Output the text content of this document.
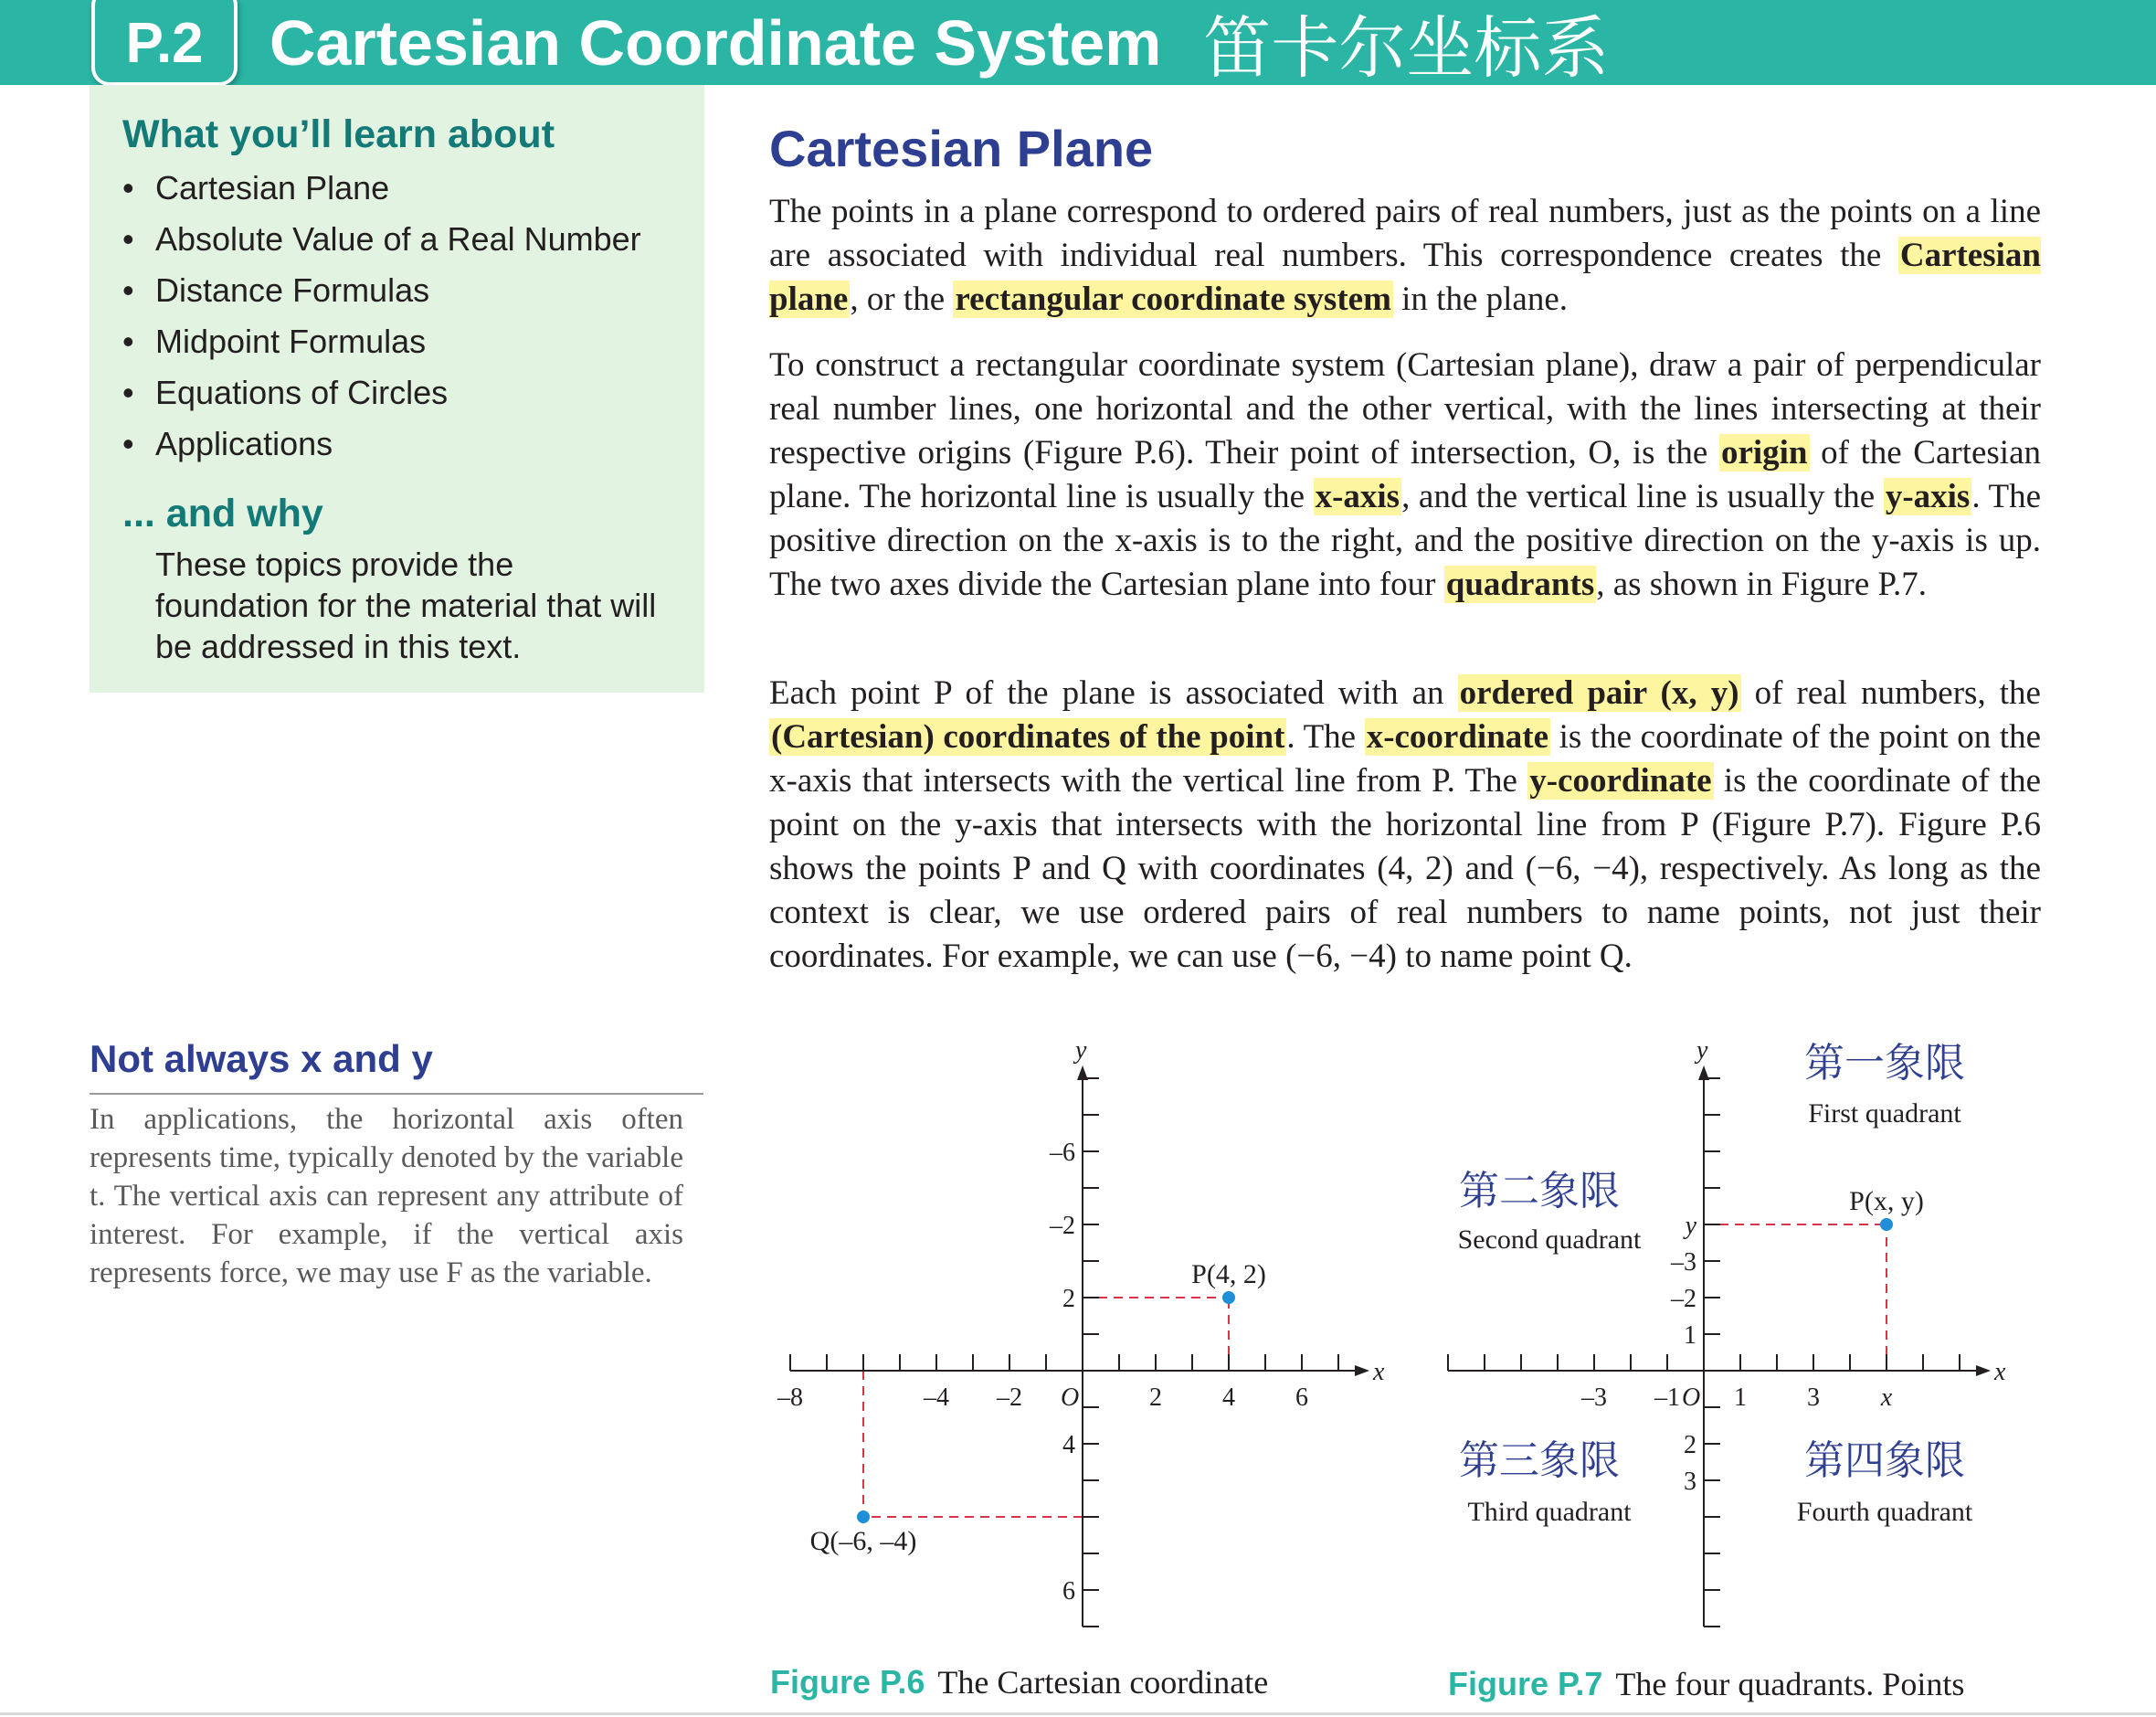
P.2	Cartesian Coordinate System 笛卡尔坐标系
What you’ll learn about
• Cartesian Plane
• Absolute Value of a Real Number
• Distance Formulas
• Midpoint Formulas
• Equations of Circles
• Applications
... and why
These topics provide the foundation for the material that will be addressed in this text.
Cartesian Plane
The points in a plane correspond to ordered pairs of real numbers, just as the points on a line are associated with individual real numbers. This correspondence creates the Cartesian plane, or the rectangular coordinate system in the plane.
To construct a rectangular coordinate system (Cartesian plane), draw a pair of perpendicular real number lines, one horizontal and the other vertical, with the lines intersecting at their respective origins (Figure P.6). Their point of intersection, O, is the origin of the Cartesian plane. The horizontal line is usually the x-axis, and the vertical line is usually the y-axis. The positive direction on the x-axis is to the right, and the positive direction on the y-axis is up. The two axes divide the Cartesian plane into four quadrants, as shown in Figure P.7.
Each point P of the plane is associated with an ordered pair (x, y) of real numbers, the (Cartesian) coordinates of the point. The x-coordinate is the coordinate of the point on the x-axis that intersects with the vertical line from P. The y-coordinate is the coordinate of the point on the y-axis that intersects with the horizontal line from P (Figure P.7). Figure P.6 shows the points P and Q with coordinates (4, 2) and (−6, −4), respectively. As long as the context is clear, we use ordered pairs of real numbers to name points, not just their coordinates. For example, we can use (−6, −4) to name point Q.
Not always x and y
In applications, the horizontal axis often represents time, typically denoted by the variable t. The vertical axis can represent any attribute of interest. For example, if the vertical axis represents force, we may use F as the variable.
x
y
O
–8	–4 –2	2 4 6
6
4
2
–2
–6
P(4, 2)
Q(–6, –4)
Figure P.6 The Cartesian coordinate
x
y
O
–3 –1 1 3
3
2
1
–2
–3
x
y
P(x, y)
第一象限
First quadrant
第二象限
Second quadrant
第三象限
Third quadrant
第四象限
Fourth quadrant
Figure P.7 The four quadrants. Points
